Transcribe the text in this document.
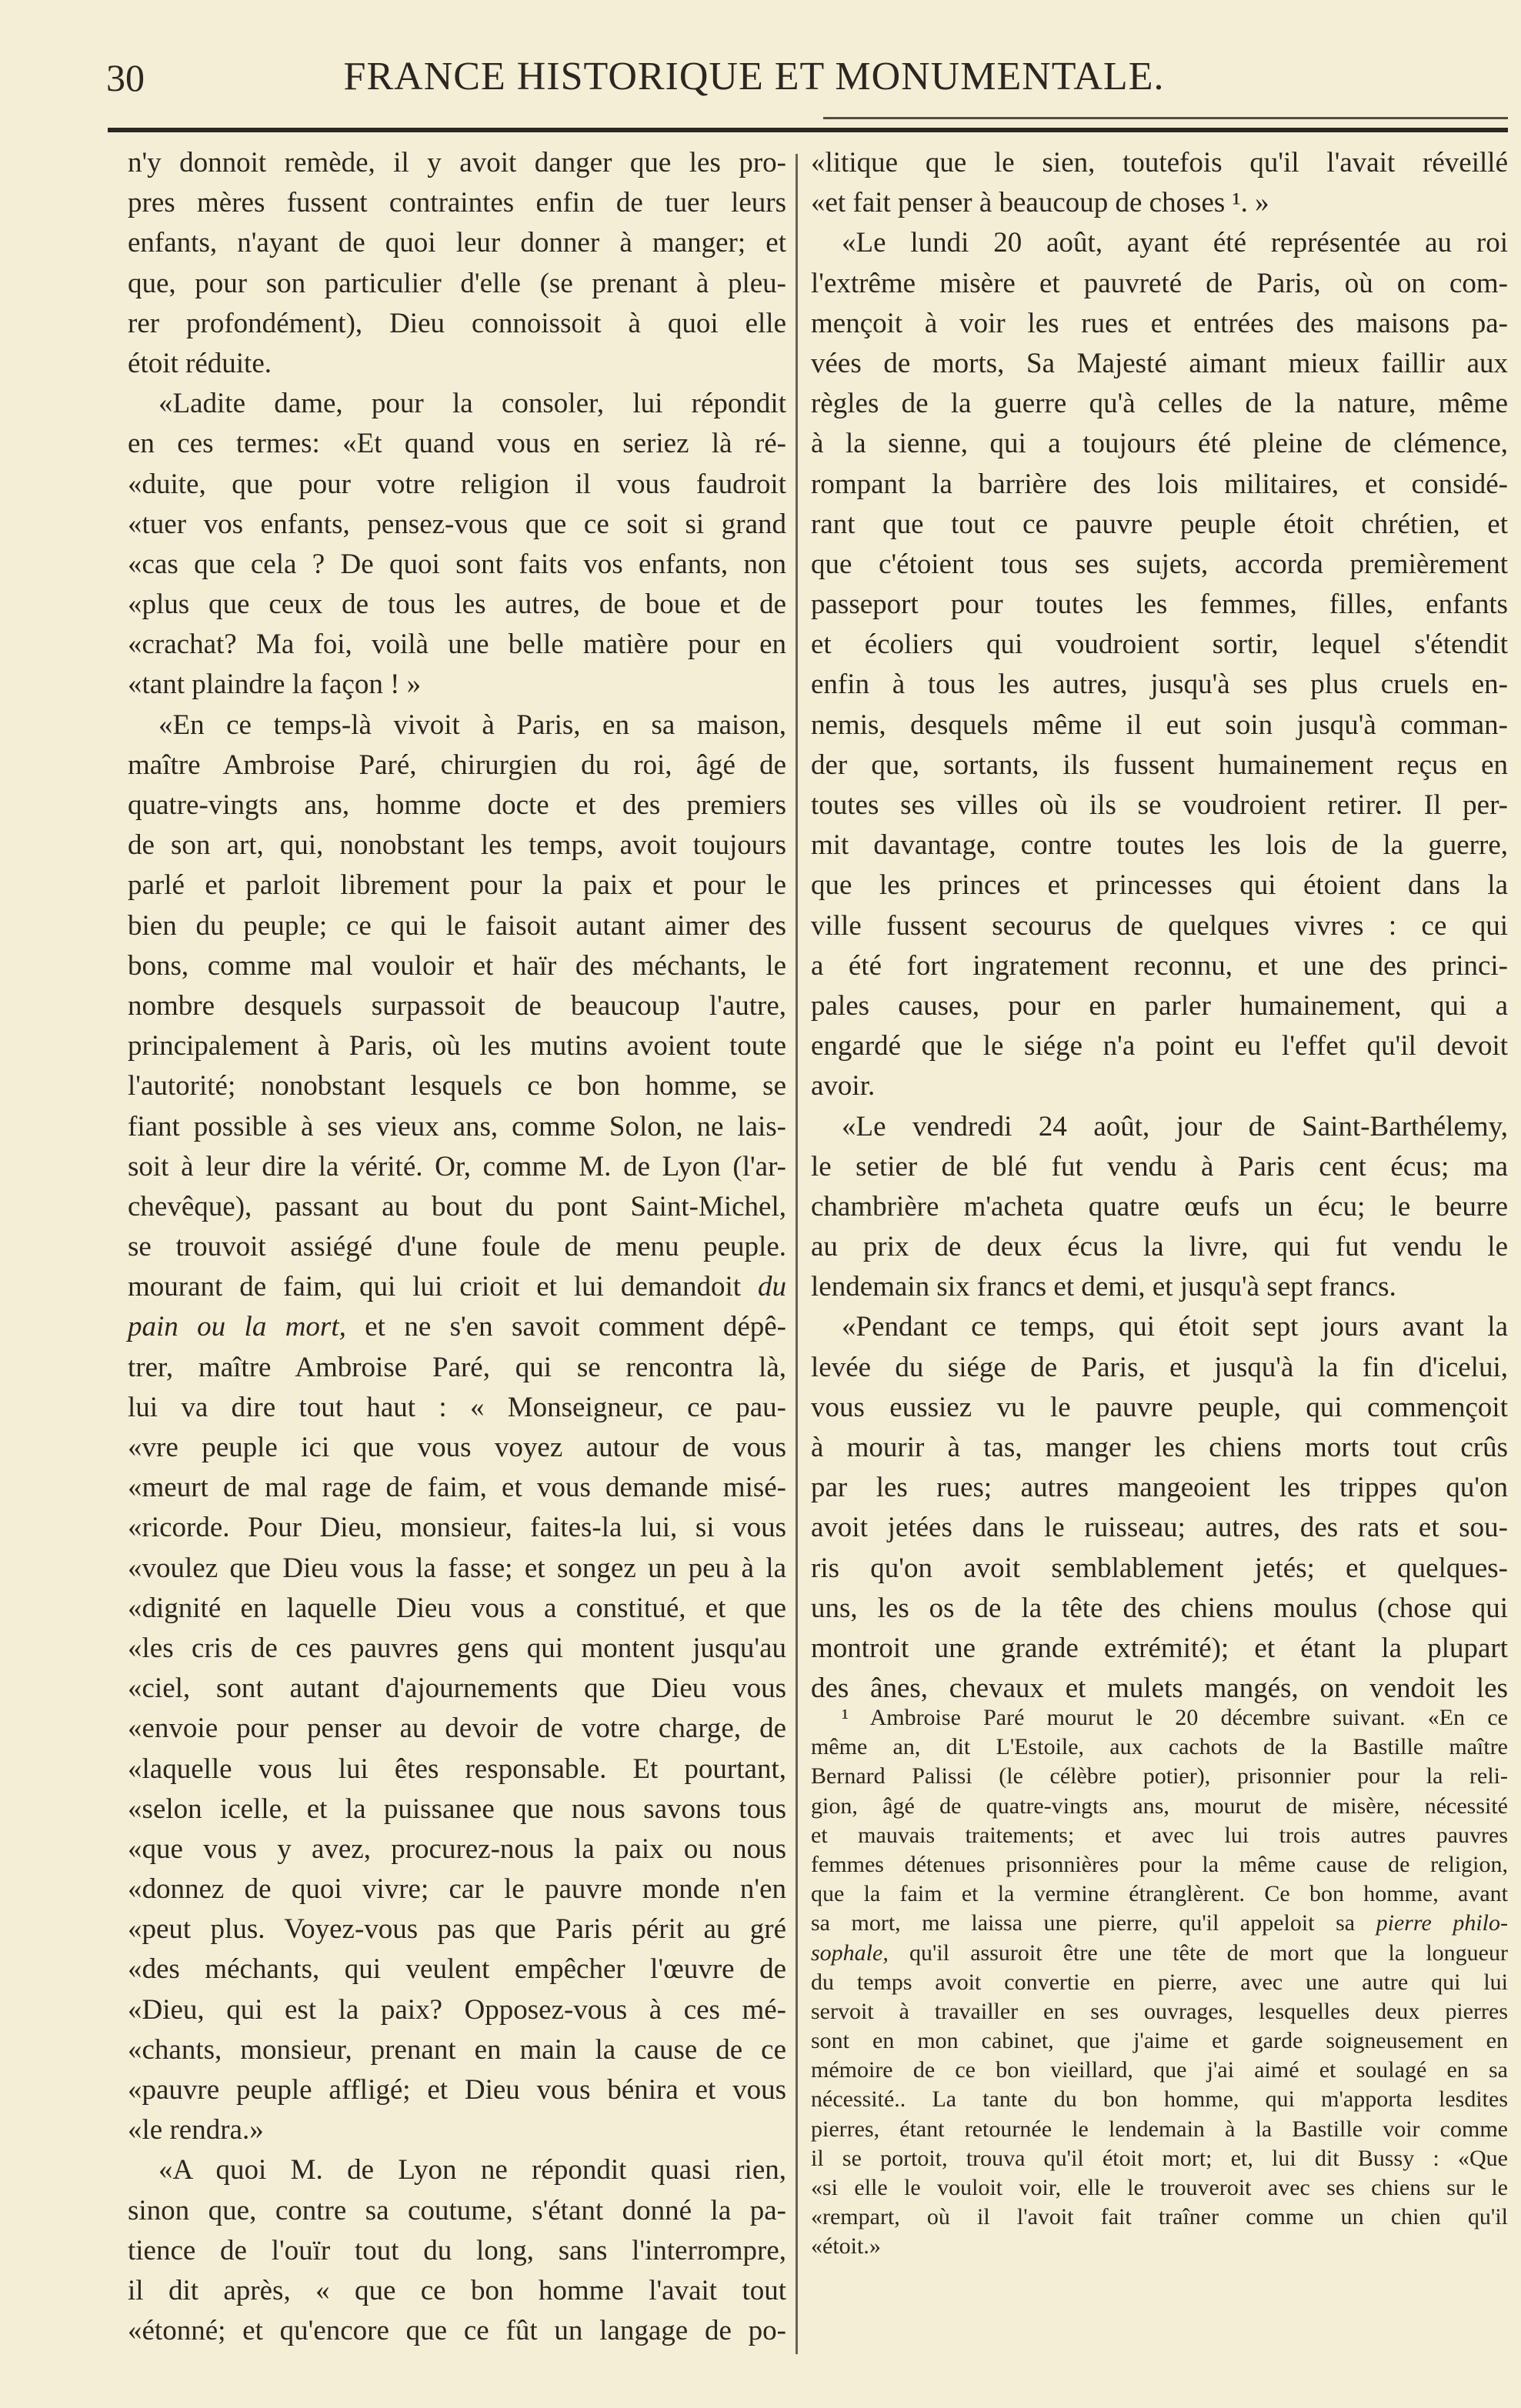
30	FRANCE HISTORIQUE ET MONUMENTALE.
n'y donnoit remède, il y avoit danger que les pro-
pres mères fussent contraintes enfin de tuer leurs
enfants, n'ayant de quoi leur donner à manger; et
que, pour son particulier d'elle (se prenant à pleu-
rer profondément), Dieu connoissoit à quoi elle
étoit réduite.
«Ladite dame, pour la consoler, lui répondit
en ces termes: «Et quand vous en seriez là ré-
«duite, que pour votre religion il vous faudroit
«tuer vos enfants, pensez-vous que ce soit si grand
«cas que cela ? De quoi sont faits vos enfants, non
«plus que ceux de tous les autres, de boue et de
«crachat? Ma foi, voilà une belle matière pour en
«tant plaindre la façon ! »
«En ce temps-là vivoit à Paris, en sa maison,
maître Ambroise Paré, chirurgien du roi, âgé de
quatre-vingts ans, homme docte et des premiers
de son art, qui, nonobstant les temps, avoit toujours
parlé et parloit librement pour la paix et pour le
bien du peuple; ce qui le faisoit autant aimer des
bons, comme mal vouloir et haïr des méchants, le
nombre desquels surpassoit de beaucoup l'autre,
principalement à Paris, où les mutins avoient toute
l'autorité; nonobstant lesquels ce bon homme, se
fiant possible à ses vieux ans, comme Solon, ne lais-
soit à leur dire la vérité. Or, comme M. de Lyon (l'ar-
chevêque), passant au bout du pont Saint-Michel,
se trouvoit assiégé d'une foule de menu peuple.
mourant de faim, qui lui crioit et lui demandoit du
pain ou la mort, et ne s'en savoit comment dépê-
trer, maître Ambroise Paré, qui se rencontra là,
lui va dire tout haut : « Monseigneur, ce pau-
«vre peuple ici que vous voyez autour de vous
«meurt de mal rage de faim, et vous demande misé-
«ricorde. Pour Dieu, monsieur, faites-la lui, si vous
«voulez que Dieu vous la fasse; et songez un peu à la
«dignité en laquelle Dieu vous a constitué, et que
«les cris de ces pauvres gens qui montent jusqu'au
«ciel, sont autant d'ajournements que Dieu vous
«envoie pour penser au devoir de votre charge, de
«laquelle vous lui êtes responsable. Et pourtant,
«selon icelle, et la puissanee que nous savons tous
«que vous y avez, procurez-nous la paix ou nous
«donnez de quoi vivre; car le pauvre monde n'en
«peut plus. Voyez-vous pas que Paris périt au gré
«des méchants, qui veulent empêcher l'œuvre de
«Dieu, qui est la paix? Opposez-vous à ces mé-
«chants, monsieur, prenant en main la cause de ce
«pauvre peuple affligé; et Dieu vous bénira et vous
«le rendra.»
«A quoi M. de Lyon ne répondit quasi rien,
sinon que, contre sa coutume, s'étant donné la pa-
tience de l'ouïr tout du long, sans l'interrompre,
il dit après, « que ce bon homme l'avait tout
«étonné; et qu'encore que ce fût un langage de po-
«litique que le sien, toutefois qu'il l'avait réveillé
«et fait penser à beaucoup de choses ¹. »
«Le lundi 20 août, ayant été représentée au roi
l'extrême misère et pauvreté de Paris, où on com-
mençoit à voir les rues et entrées des maisons pa-
vées de morts, Sa Majesté aimant mieux faillir aux
règles de la guerre qu'à celles de la nature, même
à la sienne, qui a toujours été pleine de clémence,
rompant la barrière des lois militaires, et considé-
rant que tout ce pauvre peuple étoit chrétien, et
que c'étoient tous ses sujets, accorda premièrement
passeport pour toutes les femmes, filles, enfants
et écoliers qui voudroient sortir, lequel s'étendit
enfin à tous les autres, jusqu'à ses plus cruels en-
nemis, desquels même il eut soin jusqu'à comman-
der que, sortants, ils fussent humainement reçus en
toutes ses villes où ils se voudroient retirer. Il per-
mit davantage, contre toutes les lois de la guerre,
que les princes et princesses qui étoient dans la
ville fussent secourus de quelques vivres : ce qui
a été fort ingratement reconnu, et une des princi-
pales causes, pour en parler humainement, qui a
engardé que le siége n'a point eu l'effet qu'il devoit
avoir.
«Le vendredi 24 août, jour de Saint-Barthélemy,
le setier de blé fut vendu à Paris cent écus; ma
chambrière m'acheta quatre œufs un écu; le beurre
au prix de deux écus la livre, qui fut vendu le
lendemain six francs et demi, et jusqu'à sept francs.
«Pendant ce temps, qui étoit sept jours avant la
levée du siége de Paris, et jusqu'à la fin d'icelui,
vous eussiez vu le pauvre peuple, qui commençoit
à mourir à tas, manger les chiens morts tout crûs
par les rues; autres mangeoient les trippes qu'on
avoit jetées dans le ruisseau; autres, des rats et sou-
ris qu'on avoit semblablement jetés; et quelques-
uns, les os de la tête des chiens moulus (chose qui
montroit une grande extrémité); et étant la plupart
des ânes, chevaux et mulets mangés, on vendoit les
¹ Ambroise Paré mourut le 20 décembre suivant. «En ce
même an, dit L'Estoile, aux cachots de la Bastille maître
Bernard Palissi (le célèbre potier), prisonnier pour la reli-
gion, âgé de quatre-vingts ans, mourut de misère, nécessité
et mauvais traitements; et avec lui trois autres pauvres
femmes détenues prisonnières pour la même cause de religion,
que la faim et la vermine étranglèrent. Ce bon homme, avant
sa mort, me laissa une pierre, qu'il appeloit sa pierre philo-
sophale, qu'il assuroit être une tête de mort que la longueur
du temps avoit convertie en pierre, avec une autre qui lui
servoit à travailler en ses ouvrages, lesquelles deux pierres
sont en mon cabinet, que j'aime et garde soigneusement en
mémoire de ce bon vieillard, que j'ai aimé et soulagé en sa
nécessité.. La tante du bon homme, qui m'apporta lesdites
pierres, étant retournée le lendemain à la Bastille voir comme
il se portoit, trouva qu'il étoit mort; et, lui dit Bussy : «Que
«si elle le vouloit voir, elle le trouveroit avec ses chiens sur le
«rempart, où il l'avoit fait traîner comme un chien qu'il
«étoit.»
